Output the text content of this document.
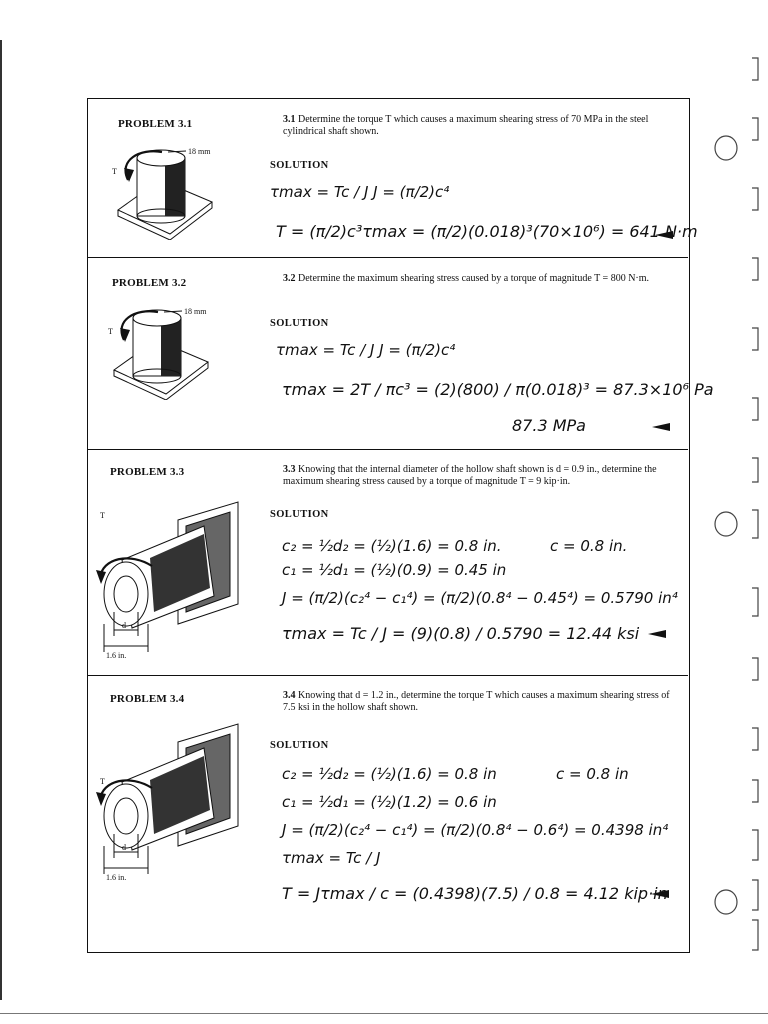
PROBLEM 3.1	3.1 Determine the torque T which causes a maximum shearing stress of 70 MPa in the steel cylindrical shaft shown.
18 mm
T
SOLUTION
τmax = Tc / J J = (π/2)c⁴
T = (π/2)c³τmax = (π/2)(0.018)³(70×10⁶) = 641 N·m
PROBLEM 3.2	3.2 Determine the maximum shearing stress caused by a torque of magnitude T = 800 N·m.
18 mm
T
SOLUTION
τmax = Tc / J J = (π/2)c⁴
τmax = 2T / πc³ = (2)(800) / π(0.018)³ = 87.3×10⁶ Pa
87.3 MPa
PROBLEM 3.3	3.3 Knowing that the internal diameter of the hollow shaft shown is d = 0.9 in., determine the maximum shearing stress caused by a torque of magnitude T = 9 kip·in.
T
d
1.6 in.
SOLUTION
c₂ = ½d₂ = (½)(1.6) = 0.8 in.	c = 0.8 in.
c₁ = ½d₁ = (½)(0.9) = 0.45 in
J = (π/2)(c₂⁴ − c₁⁴) = (π/2)(0.8⁴ − 0.45⁴) = 0.5790 in⁴
τmax = Tc / J = (9)(0.8) / 0.5790 = 12.44 ksi
PROBLEM 3.4	3.4 Knowing that d = 1.2 in., determine the torque T which causes a maximum shearing stress of 7.5 ksi in the hollow shaft shown.
T
d
1.6 in.
SOLUTION
c₂ = ½d₂ = (½)(1.6) = 0.8 in	c = 0.8 in
c₁ = ½d₁ = (½)(1.2) = 0.6 in
J = (π/2)(c₂⁴ − c₁⁴) = (π/2)(0.8⁴ − 0.6⁴) = 0.4398 in⁴
τmax = Tc / J
T = Jτmax / c = (0.4398)(7.5) / 0.8 = 4.12 kip·in
